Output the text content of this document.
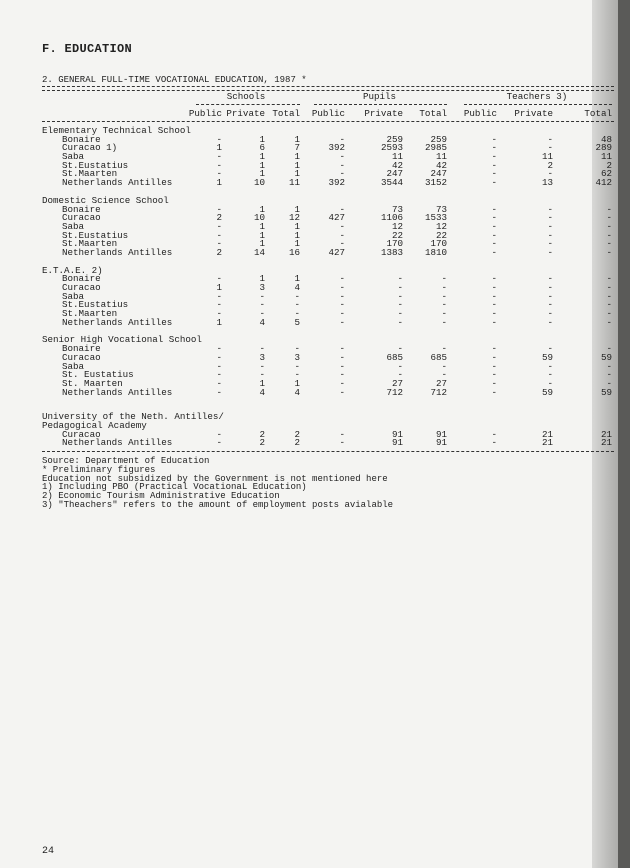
F. EDUCATION
2. GENERAL FULL-TIME VOCATIONAL EDUCATION, 1987 *
Schools	Pupils	Teachers 3)
Public Private Total	Public	Private	Total	Public	Private	Total
Elementary Technical School
Bonaire	-	1	1	-	259	259	-	-	48
Curacao 1)	1	6	7	392	2593	2985	-	-	289
Saba	-	1	1	-	11	11	-	11	11
St.Eustatius	-	1	1	-	42	42	-	2	2
St.Maarten	-	1	1	-	247	247	-	-	62
Netherlands Antilles	1	10	11	392	3544	3152	-	13	412
Domestic Science School
Bonaire	-	1	1	-	73	73	-	-	-
Curacao	2	10	12	427	1106	1533	-	-	-
Saba	-	1	1	-	12	12	-	-	-
St.Eustatius	-	1	1	-	22	22	-	-	-
St.Maarten	-	1	1	-	170	170	-	-	-
Netherlands Antilles	2	14	16	427	1383	1810	-	-	-
E.T.A.E. 2)
Bonaire	-	1	1	-	-	-	-	-	-
Curacao	1	3	4	-	-	-	-	-	-
Saba	-	-	-	-	-	-	-	-	-
St.Eustatius	-	-	-	-	-	-	-	-	-
St.Maarten	-	-	-	-	-	-	-	-	-
Netherlands Antilles	1	4	5	-	-	-	-	-	-
Senior High Vocational School
Bonaire	-	-	-	-	-	-	-	-	-
Curacao	-	3	3	-	685	685	-	59	59
Saba	-	-	-	-	-	-	-	-	-
St. Eustatius	-	-	-	-	-	-	-	-	-
St. Maarten	-	1	1	-	27	27	-	-	-
Netherlands Antilles	-	4	4	-	712	712	-	59	59
University of the Neth. Antilles/
Pedagogical Academy
Curacao	-	2	2	-	91	91	-	21	21
Netherlands Antilles	-	2	2	-	91	91	-	21	21
Source: Department of Education
* Preliminary figures
Education not subsidized by the Government is not mentioned here
1) Including PBO (Practical VocationaL Education)
2) Economic Tourism Administrative Education
3) "Theachers" refers to the amount of employment posts avialable
24
